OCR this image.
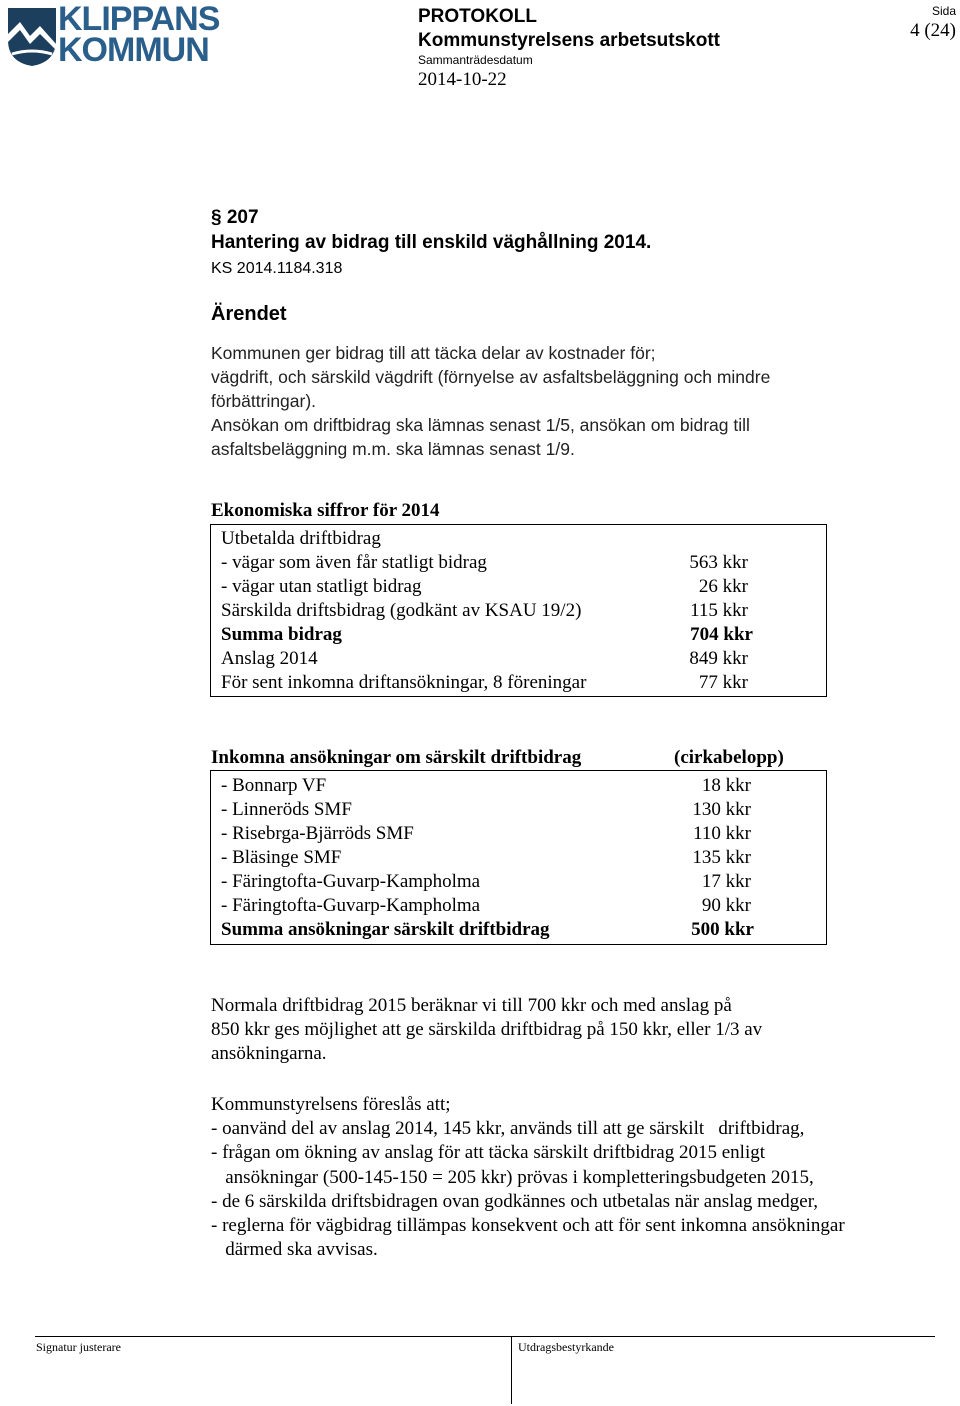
KLIPPANS
KOMMUN
PROTOKOLL
Kommunstyrelsens arbetsutskott
Sammanträdesdatum
2014-10-22
Sida
4 (24)
§ 207
Hantering av bidrag till enskild väghållning 2014.
KS 2014.1184.318
Ärendet
Kommunen ger bidrag till att täcka delar av kostnader för;
vägdrift, och särskild vägdrift (förnyelse av asfaltsbeläggning och mindre
förbättringar).
Ansökan om driftbidrag ska lämnas senast 1/5, ansökan om bidrag till
asfaltsbeläggning m.m. ska lämnas senast 1/9.
Ekonomiska siffror för 2014
Utbetalda driftbidrag
- vägar som även får statligt bidrag	563 kkr
- vägar utan statligt bidrag	26 kkr
Särskilda driftsbidrag (godkänt av KSAU 19/2)	115 kkr
Summa bidrag	704 kkr
Anslag 2014	849 kkr
För sent inkomna driftansökningar, 8 föreningar	77 kkr
Inkomna ansökningar om särskilt driftbidrag	(cirkabelopp)
- Bonnarp VF	18 kkr
- Linneröds SMF	130 kkr
- Risebrga-Bjärröds SMF	110 kkr
- Bläsinge SMF	135 kkr
- Färingtofta-Guvarp-Kampholma	17 kkr
- Färingtofta-Guvarp-Kampholma	90 kkr
Summa ansökningar särskilt driftbidrag	500 kkr
Normala driftbidrag 2015 beräknar vi till 700 kkr och med anslag på
850 kkr ges möjlighet att ge särskilda driftbidrag på 150 kkr, eller 1/3 av
ansökningarna.
Kommunstyrelsens föreslås att;
- oanvänd del av anslag 2014, 145 kkr, används till att ge särskilt   driftbidrag,
- frågan om ökning av anslag för att täcka särskilt driftbidrag 2015 enligt
ansökningar (500-145-150 = 205 kkr) prövas i kompletteringsbudgeten 2015,
- de 6 särskilda driftsbidragen ovan godkännes och utbetalas när anslag medger,
- reglerna för vägbidrag tillämpas konsekvent och att för sent inkomna ansökningar
därmed ska avvisas.
Signatur justerare	Utdragsbestyrkande
